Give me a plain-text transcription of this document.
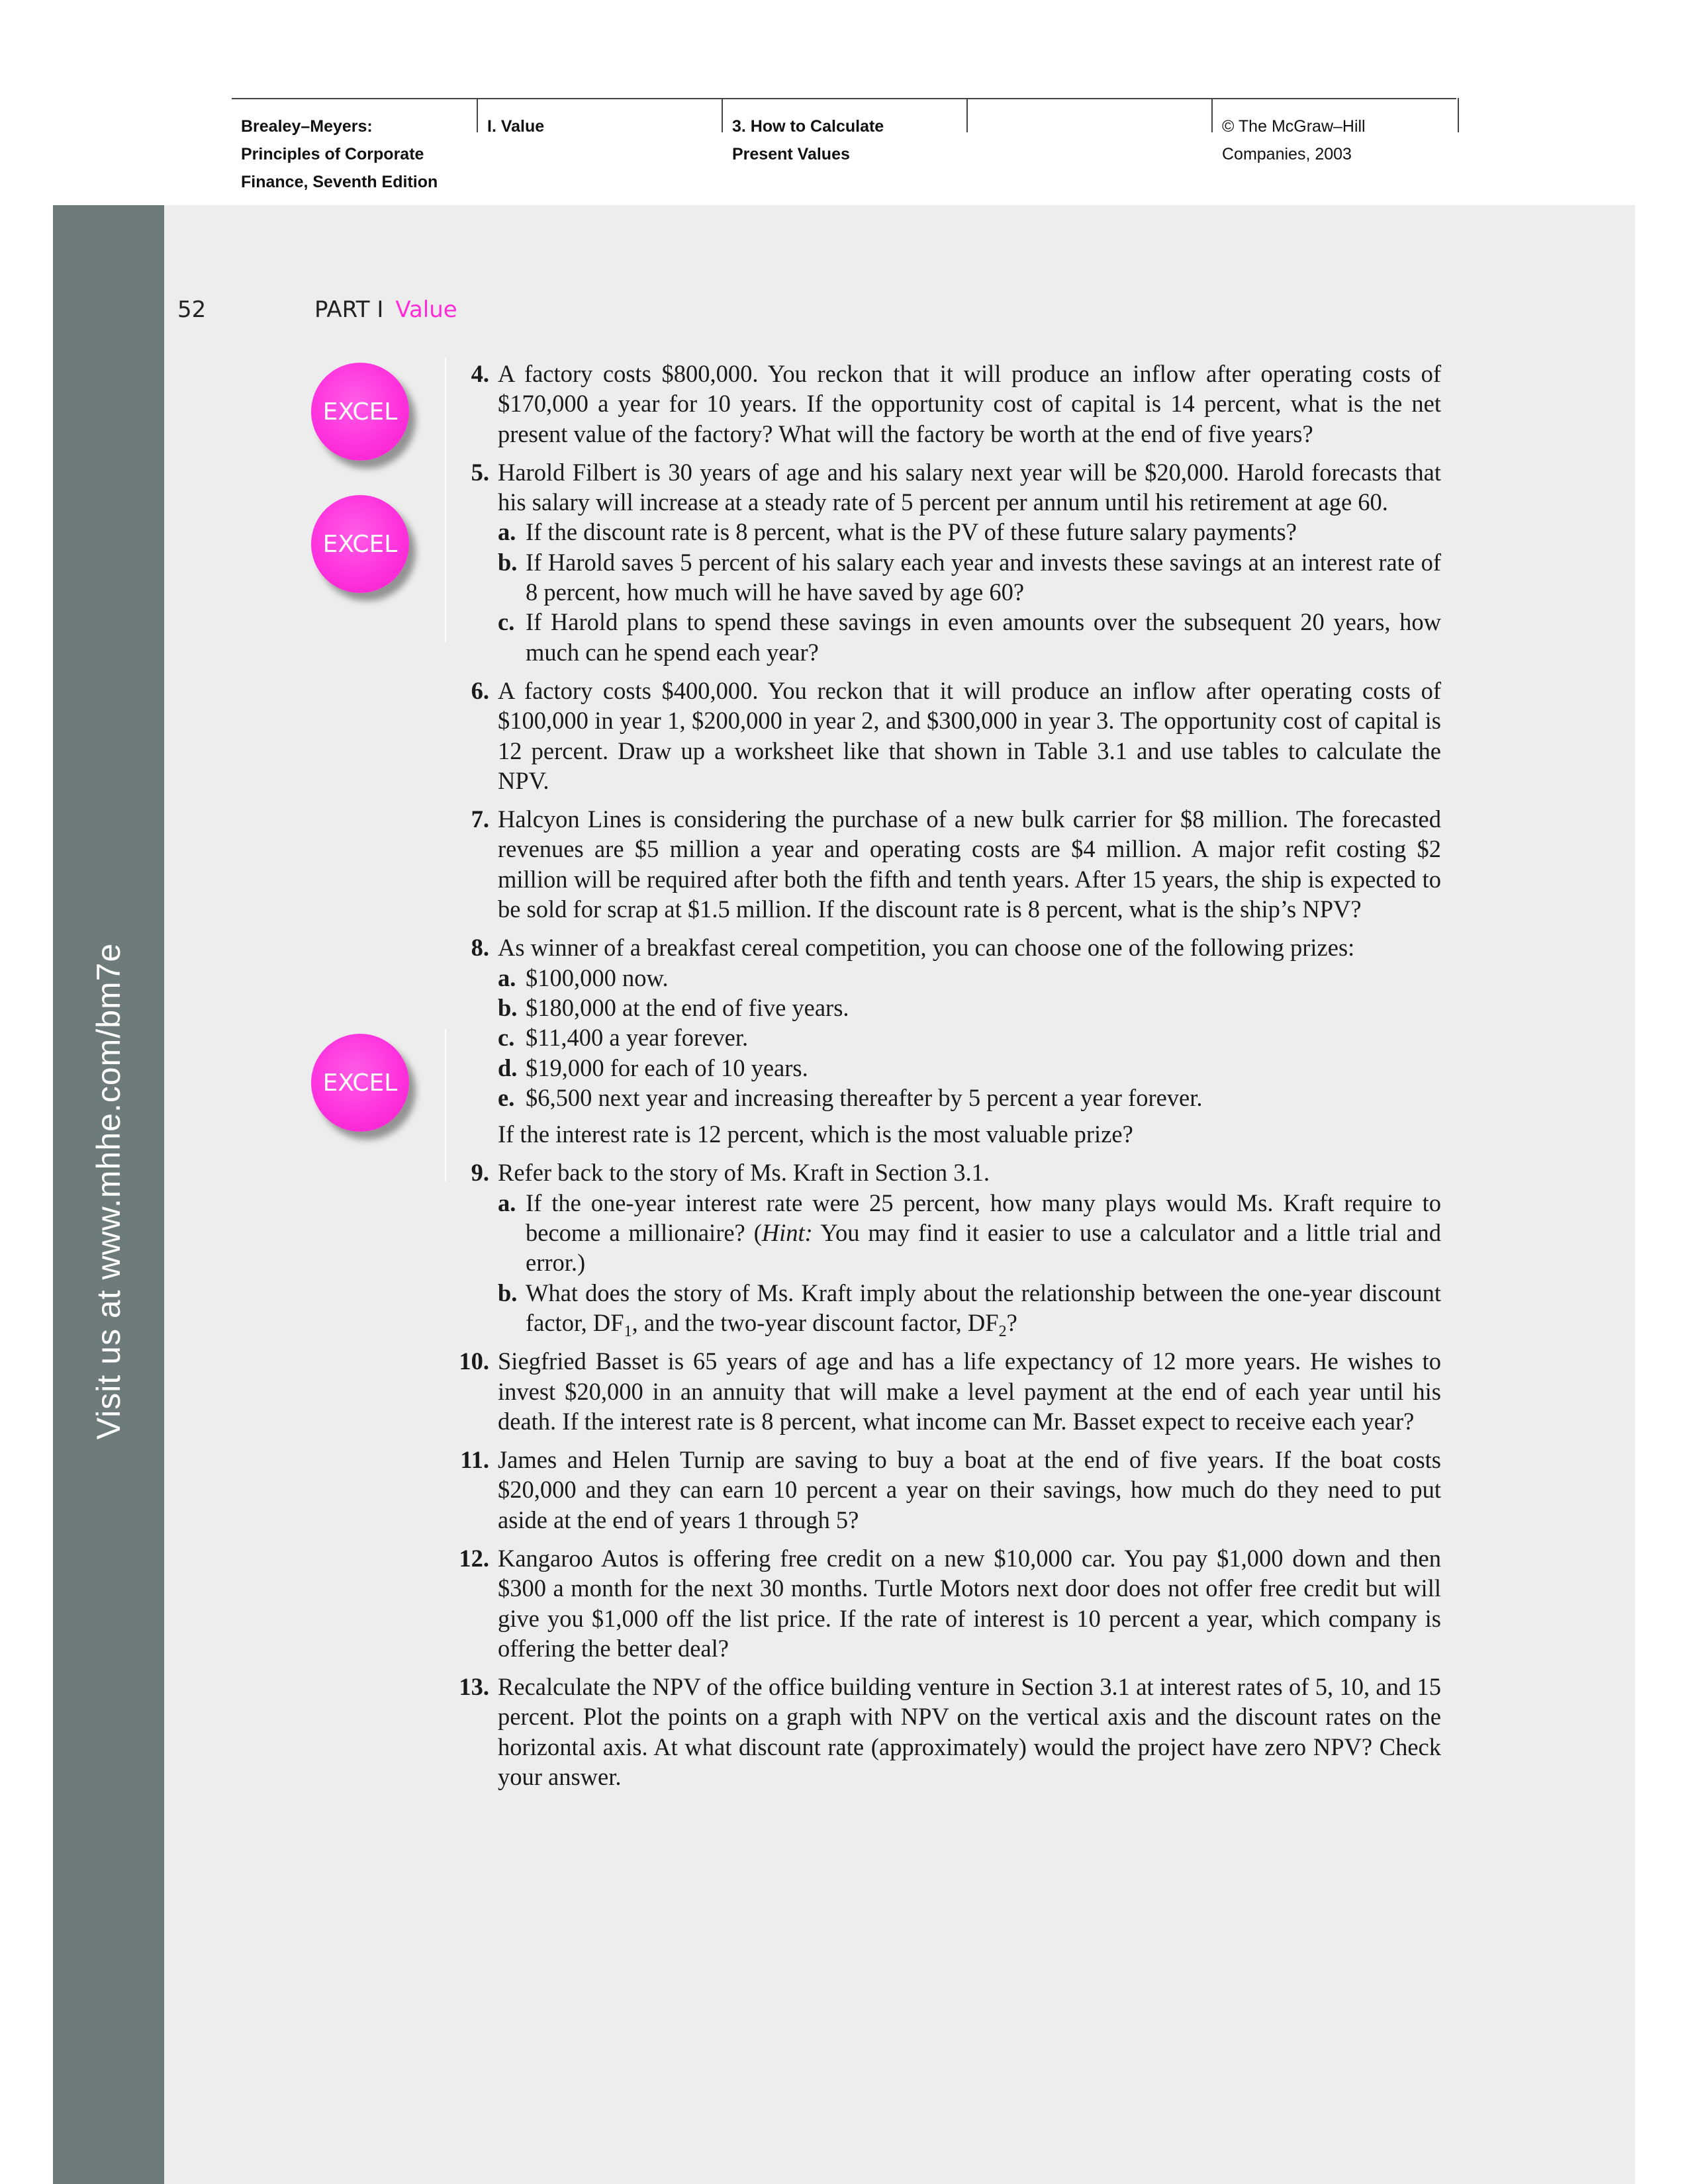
Brealey–Meyers:
Principles of Corporate
Finance, Seventh Edition
I. Value	3. How to Calculate
Present Values
© The McGraw–Hill
Companies, 2003
Visit us at www.mhhe.com/bm7e
52	PART I Value
EXCEL
EXCEL
EXCEL
4. A factory costs $800,000. You reckon that it will produce an inflow after operating costs of $170,000 a year for 10 years. If the opportunity cost of capital is 14 percent, what is the net present value of the factory? What will the factory be worth at the end of five years?
5. Harold Filbert is 30 years of age and his salary next year will be $20,000. Harold forecasts that his salary will increase at a steady rate of 5 percent per annum until his retirement at age 60.
a. If the discount rate is 8 percent, what is the PV of these future salary payments?
b. If Harold saves 5 percent of his salary each year and invests these savings at an interest rate of 8 percent, how much will he have saved by age 60?
c. If Harold plans to spend these savings in even amounts over the subsequent 20 years, how much can he spend each year?
6. A factory costs $400,000. You reckon that it will produce an inflow after operating costs of $100,000 in year 1, $200,000 in year 2, and $300,000 in year 3. The opportunity cost of capital is 12 percent. Draw up a worksheet like that shown in Table 3.1 and use tables to calculate the NPV.
7. Halcyon Lines is considering the purchase of a new bulk carrier for $8 million. The forecasted revenues are $5 million a year and operating costs are $4 million. A major refit costing $2 million will be required after both the fifth and tenth years. After 15 years, the ship is expected to be sold for scrap at $1.5 million. If the discount rate is 8 percent, what is the ship’s NPV?
8. As winner of a breakfast cereal competition, you can choose one of the following prizes:
a. $100,000 now.
b. $180,000 at the end of five years.
c. $11,400 a year forever.
d. $19,000 for each of 10 years.
e. $6,500 next year and increasing thereafter by 5 percent a year forever.
If the interest rate is 12 percent, which is the most valuable prize?
9. Refer back to the story of Ms. Kraft in Section 3.1.
a. If the one-year interest rate were 25 percent, how many plays would Ms. Kraft require to become a millionaire? (Hint: You may find it easier to use a calculator and a little trial and error.)
b. What does the story of Ms. Kraft imply about the relationship between the one-year discount factor, $DF_1$, and the two-year discount factor, $DF_2$?
10. Siegfried Basset is 65 years of age and has a life expectancy of 12 more years. He wishes to invest $20,000 in an annuity that will make a level payment at the end of each year until his death. If the interest rate is 8 percent, what income can Mr. Basset expect to receive each year?
11. James and Helen Turnip are saving to buy a boat at the end of five years. If the boat costs $20,000 and they can earn 10 percent a year on their savings, how much do they need to put aside at the end of years 1 through 5?
12. Kangaroo Autos is offering free credit on a new $10,000 car. You pay $1,000 down and then $300 a month for the next 30 months. Turtle Motors next door does not offer free credit but will give you $1,000 off the list price. If the rate of interest is 10 percent a year, which company is offering the better deal?
13. Recalculate the NPV of the office building venture in Section 3.1 at interest rates of 5, 10, and 15 percent. Plot the points on a graph with NPV on the vertical axis and the discount rates on the horizontal axis. At what discount rate (approximately) would the project have zero NPV? Check your answer.
